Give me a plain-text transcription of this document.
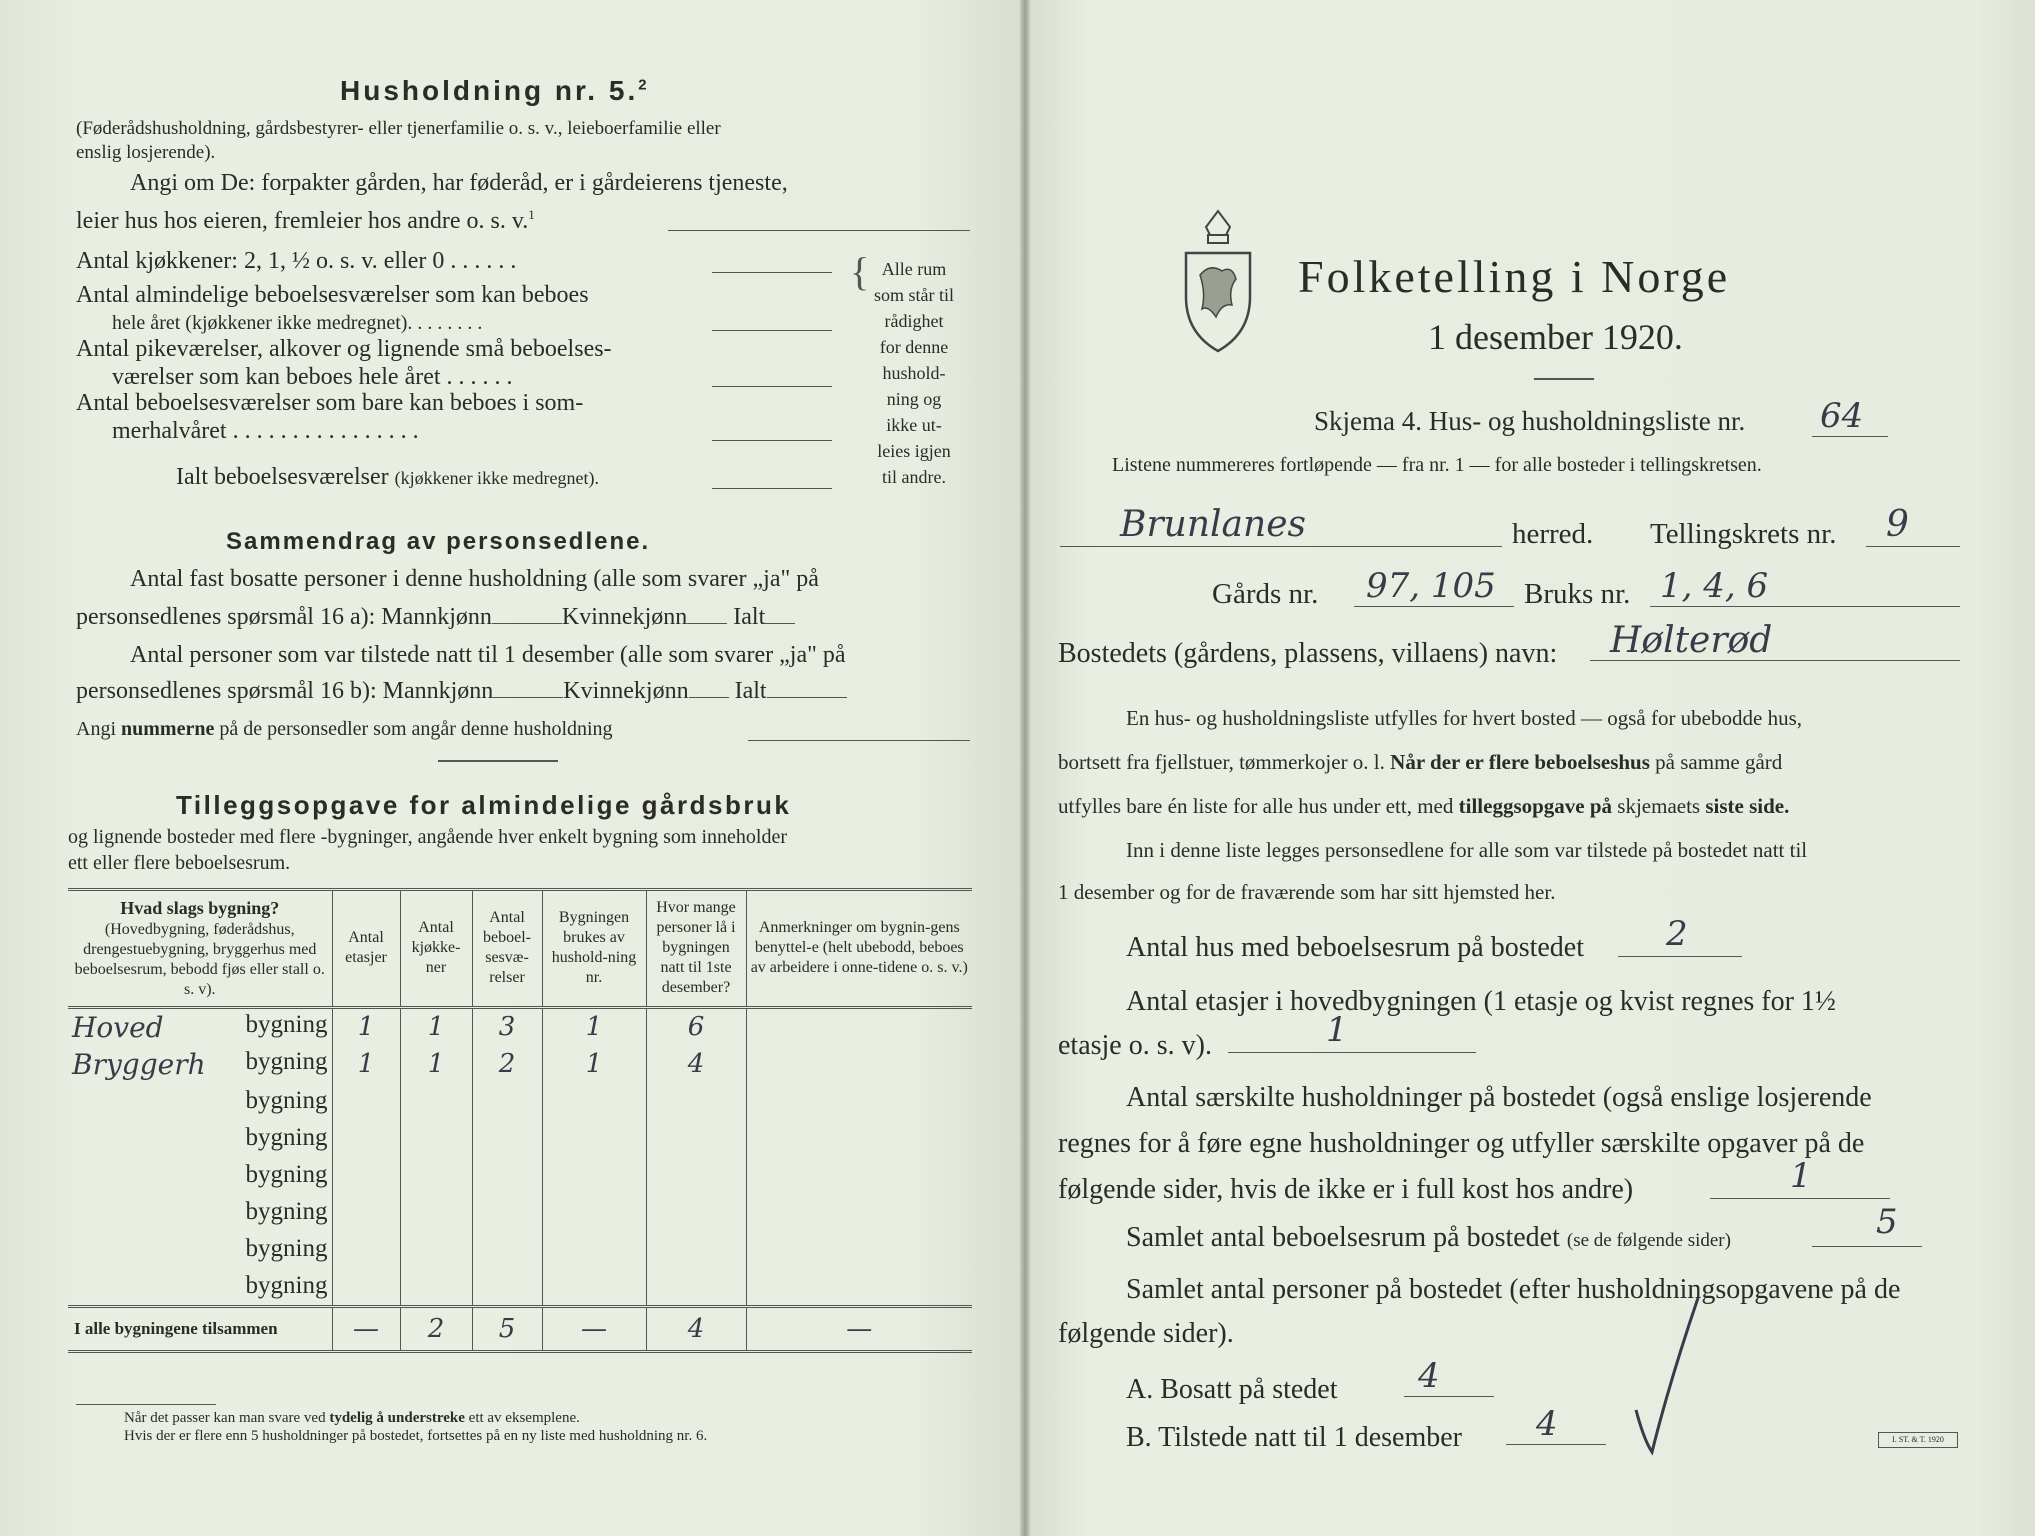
Husholdning nr. 5.$^2$
(Føderådshusholdning, gårdsbestyrer- eller tjenerfamilie o. s. v., leieboerfamilie eller
enslig losjerende).
Angi om De: forpakter gården, har føderåd, er i gårdeierens tjeneste,
leier hus hos eieren, fremleier hos andre o. s. v.$^1$
Antal kjøkkener: 2, 1, ½ o. s. v. eller 0 . . . . . .
Antal almindelige beboelsesværelser som kan beboes
hele året (kjøkkener ikke medregnet). . . . . . . .
Antal pikeværelser, alkover og lignende små beboelses-
værelser som kan beboes hele året . . . . . .
Antal beboelsesværelser som bare kan beboes i som-
merhalvåret . . . . . . . . . . . . . . . .
Ialt beboelsesværelser (kjøkkener ikke medregnet).
{ Alle rum
som står til
rådighet
for denne
hushold-
ning og
ikke ut-
leies igjen
til andre.
Sammendrag av personsedlene.
Antal fast bosatte personer i denne husholdning (alle som svarer „ja" på
personsedlenes spørsmål 16 a): Mannkjønn	Kvinnekjønn Ialt
Antal personer som var tilstede natt til 1 desember (alle som svarer „ja" på
personsedlenes spørsmål 16 b): Mannkjønn	Kvinnekjønn Ialt
Angi nummerne på de personsedler som angår denne husholdning
Tilleggsopgave for almindelige gårdsbruk
og lignende bosteder med flere -bygninger, angående hver enkelt bygning som inneholder
ett eller flere beboelsesrum.
Hvad slags bygning?
(Hovedbygning, føderådshus, drengestuebygning, bryggerhus med beboelsesrum, bebodd fjøs eller stall o. s. v).	Antal etasjer	Antal kjøkke-ner	Antal beboel-sesvæ-relser	Bygningen brukes av hushold-ning nr.	Hvor mange personer lå i bygningen natt til 1ste desember?	Anmerkninger om bygnin-gens benyttel-e (helt ubebodd, beboes av arbeidere i onne-tidene o. s. v.)

Hoved bygning	1	1	3	1	6	

Bryggerh bygning	1	1	2	1	4	
bygning						
bygning						
bygning						
bygning						
bygning						
bygning						
I alle bygningene tilsammen	—	2	5	—	4	—
Når det passer kan man svare ved tydelig å understreke ett av eksemplene.
Hvis der er flere enn 5 husholdninger på bostedet, fortsettes på en ny liste med husholdning nr. 6.
Folketelling i Norge
1 desember 1920.
Skjema 4. Hus- og husholdningsliste nr. 64
Listene nummereres fortløpende — fra nr. 1 — for alle bosteder i tellingskretsen.
Brunlanes	herred. Tellingskrets nr. 9
Gårds nr. 97, 105 Bruks nr. 1, 4, 6
Bostedets (gårdens, plassens, villaens) navn: Hølterød
En hus- og husholdningsliste utfylles for hvert bosted — også for ubebodde hus,
bortsett fra fjellstuer, tømmerkojer o. l. Når der er flere beboelseshus på samme gård
utfylles bare én liste for alle hus under ett, med tilleggsopgave på skjemaets siste side.
Inn i denne liste legges personsedlene for alle som var tilstede på bostedet natt til
1 desember og for de fraværende som har sitt hjemsted her.
Antal hus med beboelsesrum på bostedet 2
Antal etasjer i hovedbygningen (1 etasje og kvist regnes for 1½
etasje o. s. v).	1
Antal særskilte husholdninger på bostedet (også enslige losjerende
regnes for å føre egne husholdninger og utfyller særskilte opgaver på de
følgende sider, hvis de ikke er i full kost hos andre)	1
Samlet antal beboelsesrum på bostedet (se de følgende sider)	5
Samlet antal personer på bostedet (efter husholdningsopgavene på de
følgende sider).
A. Bosatt på stedet 4
B. Tilstede natt til 1 desember 4	I. ST. & T. 1920
